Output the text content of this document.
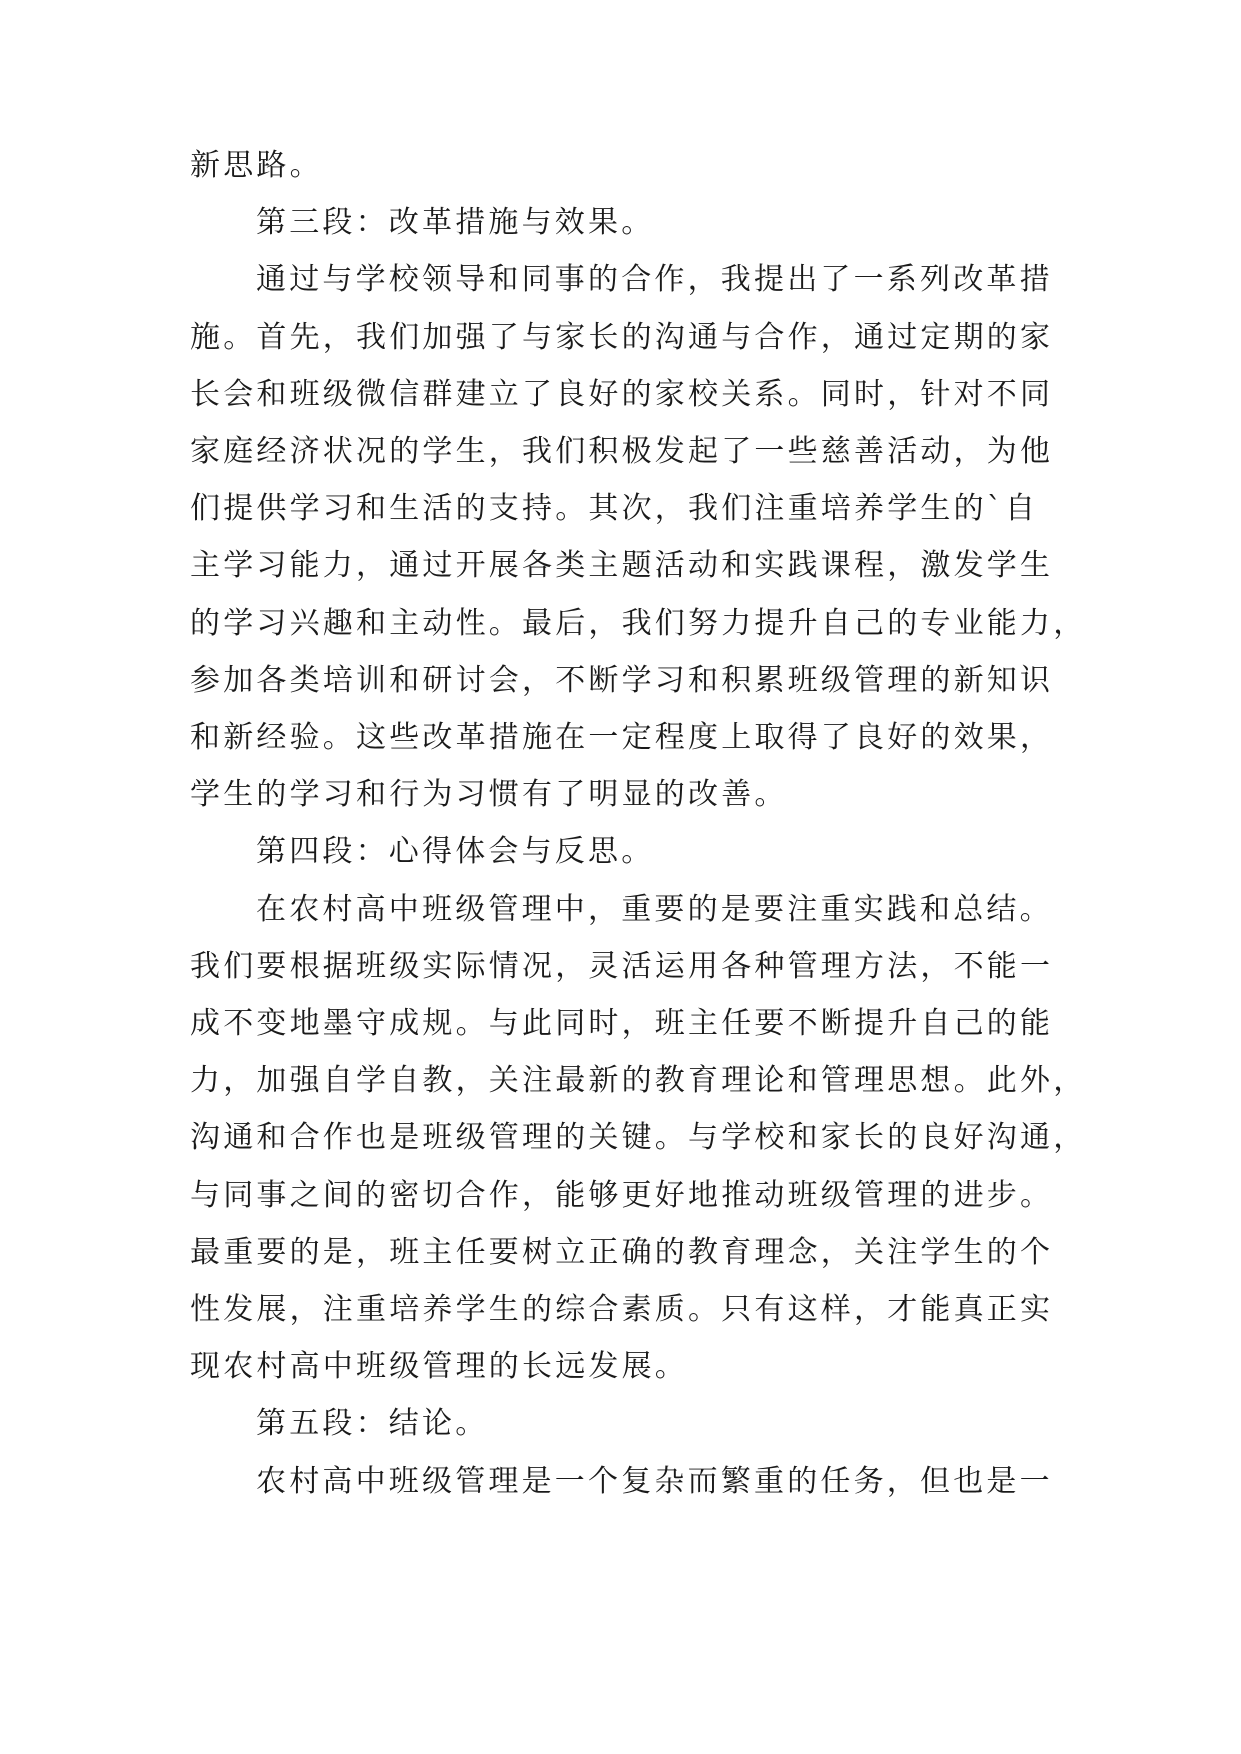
新思路。
第三段：改革措施与效果。
通过与学校领导和同事的合作，我提出了一系列改革措
施。首先，我们加强了与家长的沟通与合作，通过定期的家
长会和班级微信群建立了良好的家校关系。同时，针对不同
家庭经济状况的学生，我们积极发起了一些慈善活动，为他
们提供学习和生活的支持。其次，我们注重培养学生的`自
主学习能力，通过开展各类主题活动和实践课程，激发学生
的学习兴趣和主动性。最后，我们努力提升自己的专业能力，
参加各类培训和研讨会，不断学习和积累班级管理的新知识
和新经验。这些改革措施在一定程度上取得了良好的效果，
学生的学习和行为习惯有了明显的改善。
第四段：心得体会与反思。
在农村高中班级管理中，重要的是要注重实践和总结。
我们要根据班级实际情况，灵活运用各种管理方法，不能一
成不变地墨守成规。与此同时，班主任要不断提升自己的能
力，加强自学自教，关注最新的教育理论和管理思想。此外，
沟通和合作也是班级管理的关键。与学校和家长的良好沟通，
与同事之间的密切合作，能够更好地推动班级管理的进步。
最重要的是，班主任要树立正确的教育理念，关注学生的个
性发展，注重培养学生的综合素质。只有这样，才能真正实
现农村高中班级管理的长远发展。
第五段：结论。
农村高中班级管理是一个复杂而繁重的任务，但也是一
